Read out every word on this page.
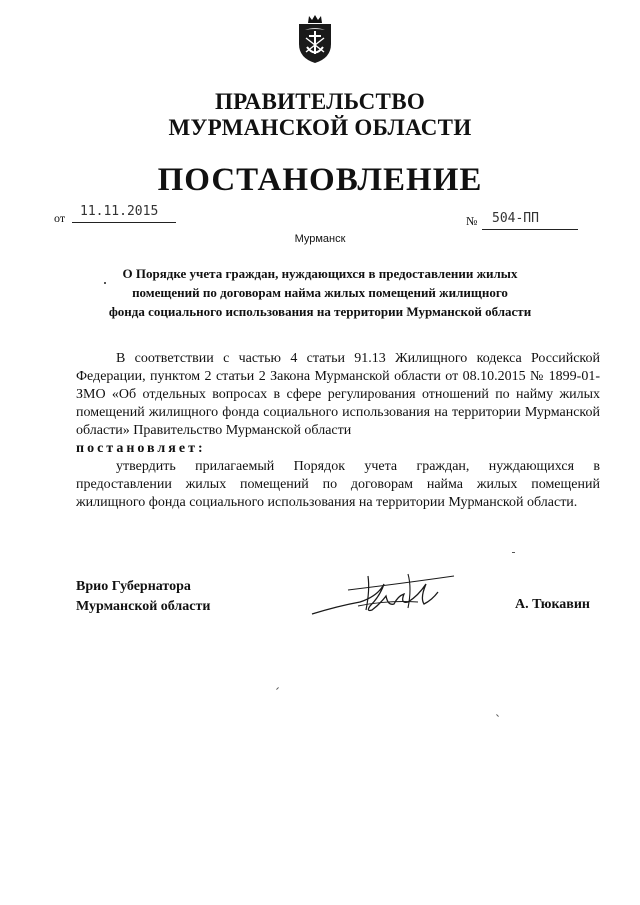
ПРАВИТЕЛЬСТВО
МУРМАНСКОЙ ОБЛАСТИ
ПОСТАНОВЛЕНИЕ
от 11.11.2015
№ 504-ПП
Мурманск
О Порядке учета граждан, нуждающихся в предоставлении жилых
помещений по договорам найма жилых помещений жилищного
фонда социального использования на территории Мурманской области

В соответствии с частью 4 статьи 91.13 Жилищного кодекса Российской Федерации, пунктом 2 статьи 2 Закона Мурманской области от 08.10.2015 № 1899-01-ЗМО «Об отдельных вопросах в сфере регулирования отношений по найму жилых помещений жилищного фонда социального использования на территории Мурманской области» Правительство Мурманской области

постановляет:

утвердить прилагаемый Порядок учета граждан, нуждающихся в предоставлении жилых помещений по договорам найма жилых помещений жилищного фонда социального использования на территории Мурманской области.

Врио Губернатора
Мурманской области	А. Тюкавин
